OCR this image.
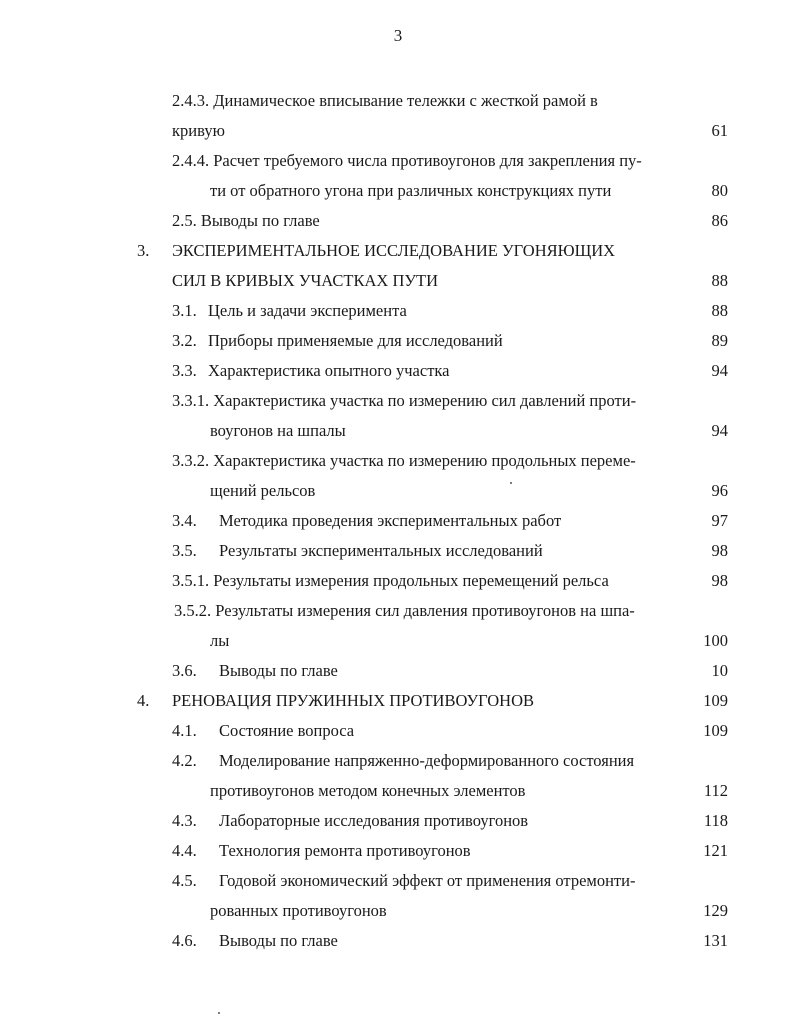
3
2.4.3. Динамическое вписывание тележки с жесткой рамой в
кривую	61
2.4.4. Расчет требуемого числа противоугонов для закрепления пу-
ти от обратного угона при различных конструкциях пути	80
2.5. Выводы по главе	86
3. ЭКСПЕРИМЕНТАЛЬНОЕ ИССЛЕДОВАНИЕ УГОНЯЮЩИХ
СИЛ В КРИВЫХ УЧАСТКАХ ПУТИ	88
3.1. Цель и задачи эксперимента	88
3.2. Приборы применяемые для исследований	89
3.3. Характеристика опытного участка	94
3.3.1. Характеристика участка по измерению сил давлений проти-
воугонов на шпалы	94
3.3.2. Характеристика участка по измерению продольных переме-
щений рельсов	96
3.4. Методика проведения экспериментальных работ	97
3.5. Результаты экспериментальных исследований	98
3.5.1. Результаты измерения продольных перемещений рельса	98
3.5.2. Результаты измерения сил давления противоугонов на шпа-
лы	100
3.6. Выводы по главе	10
4. РЕНОВАЦИЯ ПРУЖИННЫХ ПРОТИВОУГОНОВ	109
4.1. Состояние вопроса	109
4.2. Моделирование напряженно-деформированного состояния
противоугонов методом конечных элементов	112
4.3. Лабораторные исследования противоугонов	118
4.4. Технология ремонта противоугонов	121
4.5. Годовой экономический эффект от применения отремонти-
рованных противоугонов	129
4.6. Выводы по главе	131
